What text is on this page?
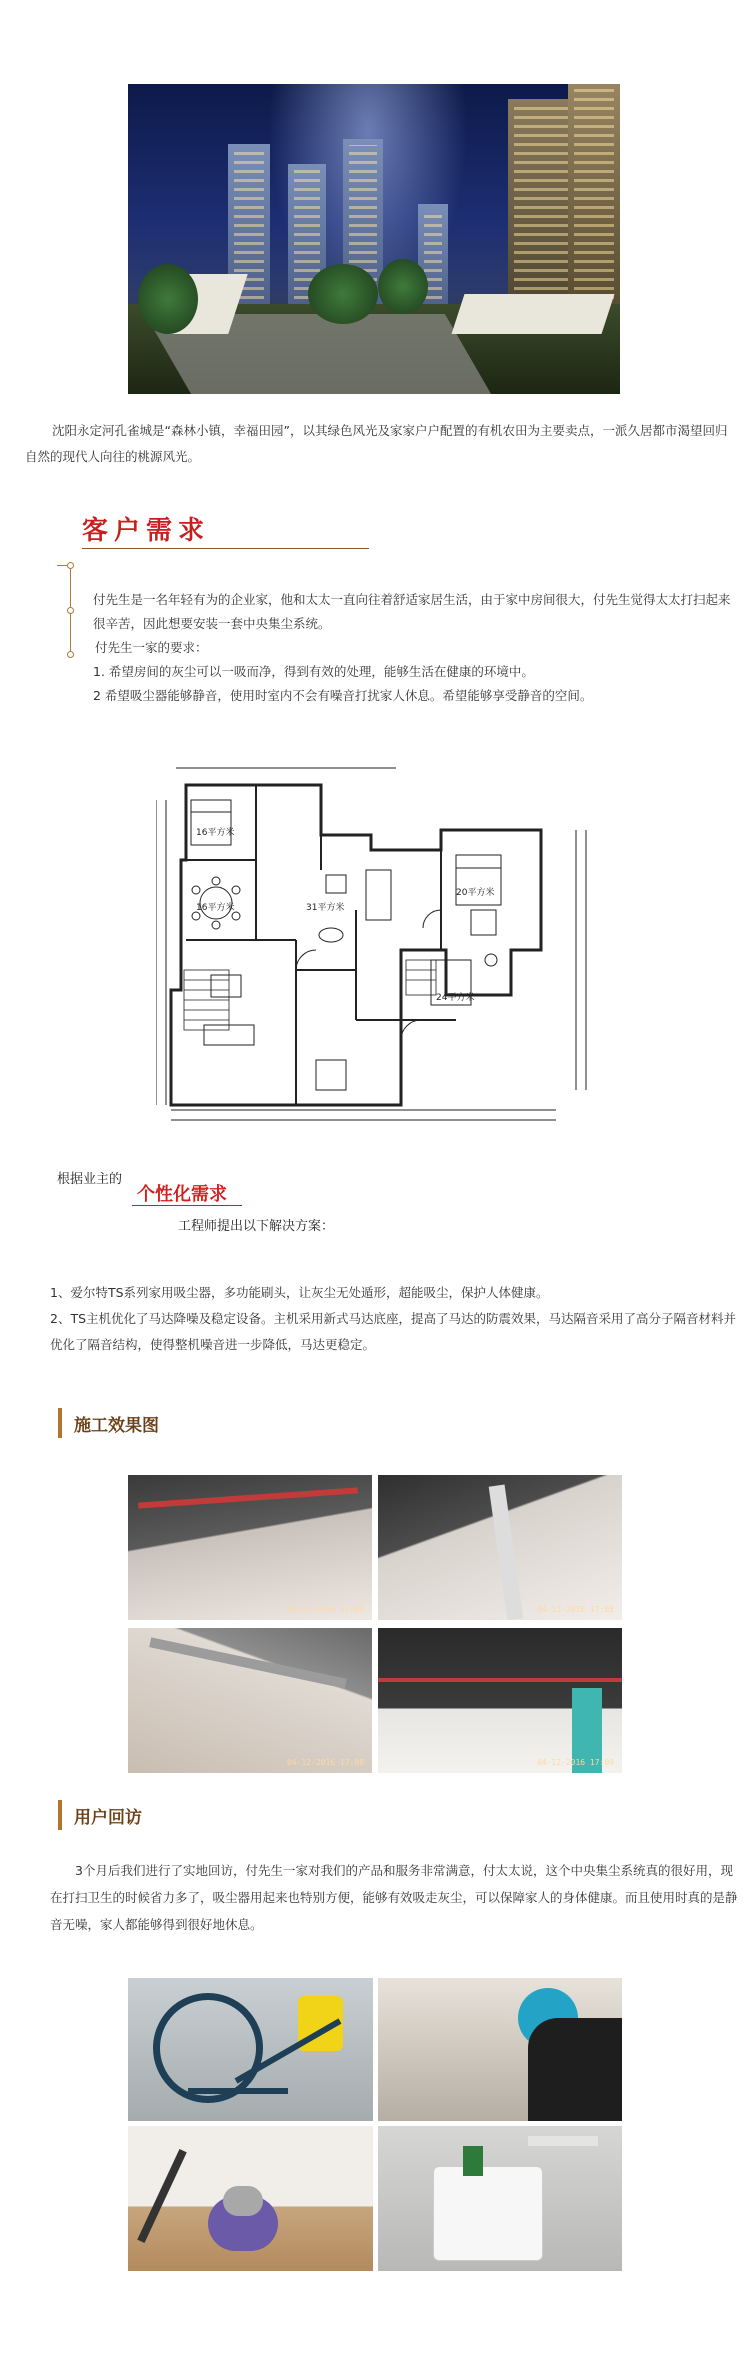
沈阳永定河孔雀城是“森林小镇，幸福田园”，以其绿色风光及家家户户配置的有机农田为主要卖点，一派久居都市渴望回归自然的现代人向往的桃源风光。

客户需求

付先生是一名年轻有为的企业家，他和太太一直向往着舒适家居生活，由于家中房间很大，付先生觉得太太打扫起来很辛苦，因此想要安装一套中央集尘系统。

付先生一家的要求：

1. 希望房间的灰尘可以一吸而净，得到有效的处理，能够生活在健康的环境中。
2 希望吸尘器能够静音，使用时室内不会有噪音打扰家人休息。希望能够享受静音的空间。
16平方米
16平方米	31平方米
20平方米
24平方米
根据业主的
个性化需求
工程师提出以下解决方案：

1、爱尔特TS系列家用吸尘器，多功能刷头，让灰尘无处遁形，超能吸尘，保护人体健康。

2、TS主机优化了马达降噪及稳定设备。主机采用新式马达底座，提高了马达的防震效果，马达隔音采用了高分子隔音材料并优化了隔音结构，使得整机噪音进一步降低，马达更稳定。

施工效果图
04-12-2016 17:05	04-12-2016 17:05
04-12-2016 17:08	04-12-2016 17:09
用户回访

3个月后我们进行了实地回访，付先生一家对我们的产品和服务非常满意，付太太说，这个中央集尘系统真的很好用，现在打扫卫生的时候省力多了，吸尘器用起来也特别方便，能够有效吸走灰尘，可以保障家人的身体健康。而且使用时真的是静音无噪，家人都能够得到很好地休息。
